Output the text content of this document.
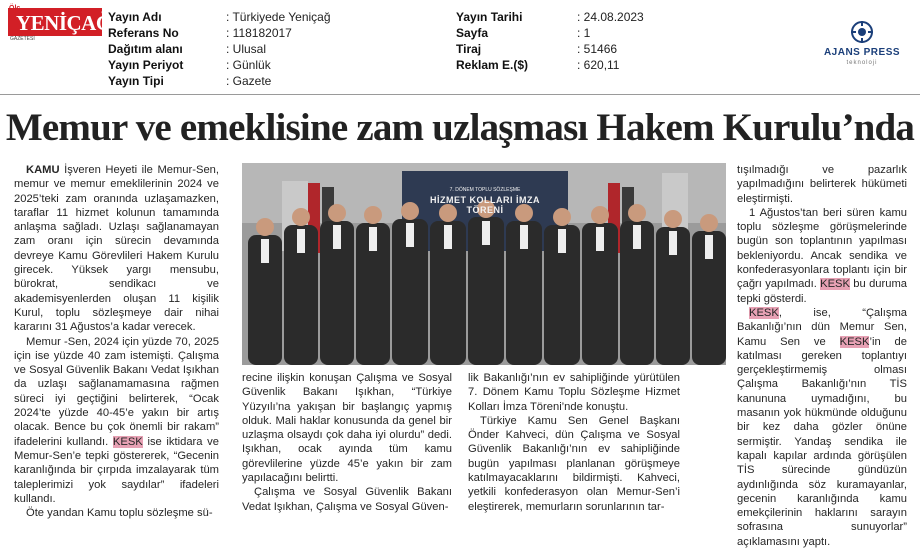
Ölç
YENİÇAĞ
GAZETESİ
Yayın Adı	: Türkiyede Yeniçağ
Referans No	: 118182017
Dağıtım alanı	: Ulusal
Yayın Periyot	: Günlük
Yayın Tipi	: Gazete
Yayın Tarihi	: 24.08.2023
Sayfa	: 1
Tiraj	: 51466
Reklam E.($)	: 620,11
AJANS PRESS
teknoloji
Memur ve emeklisine zam uzlaşması Hakem Kurulu’nda

KAMU İşveren Heyeti ile Memur-Sen, memur ve memur emeklilerinin 2024 ve 2025’teki zam oranında uzlaşamazken, taraflar 11 hizmet kolunun tamamında anlaşma sağladı. Uzlaşı sağlanamayan zam oranı için sürecin devamında devreye Kamu Görevlileri Hakem Kurulu girecek. Yüksek yargı mensubu, bürokrat, sendikacı ve akademisyenlerden oluşan 11 kişilik Kurul, toplu sözleşmeye dair nihai kararını 31 Ağustos’a kadar verecek.

Memur -Sen, 2024 için yüzde 70, 2025 için ise yüzde 40 zam istemişti. Çalışma ve Sosyal Güvenlik Bakanı Vedat Işıkhan da uzlaşı sağlanamamasına rağmen süreci iyi geçtiğini belirterek, “Ocak 2024’te yüzde 40-45’e yakın bir artış olacak. Bence bu çok önemli bir rakam” ifadelerini kullandı. KESK ise iktidara ve Memur-Sen’e tepki göstererek, “Gecenin karanlığında bir çırpıda imzalayarak tüm taleplerimizi yok saydılar” ifadeleri kullandı.

Öte yandan Kamu toplu sözleşme sü-

7. DÖNEM TOPLU SÖZLEŞME
HİZMET KOLLARI İMZA TÖRENİ

recine ilişkin konuşan Çalışma ve Sosyal Güvenlik Bakanı Işıkhan, “Türkiye Yüzyılı’na yakışan bir başlangıç yapmış olduk. Mali haklar konusunda da genel bir uzlaşma olsaydı çok daha iyi olurdu” dedi. Işıkhan, ocak ayında tüm kamu görevlilerine yüzde 45’e yakın bir zam yapılacağını belirtti.

Çalışma ve Sosyal Güvenlik Bakanı Vedat Işıkhan, Çalışma ve Sosyal Güven-

lik Bakanlığı’nın ev sahipliğinde yürütülen 7. Dönem Kamu Toplu Sözleşme Hizmet Kolları İmza Töreni’nde konuştu.

Türkiye Kamu Sen Genel Başkanı Önder Kahveci, dün Çalışma ve Sosyal Güvenlik Bakanlığı’nın ev sahipliğinde bugün yapılması planlanan görüşmeye katılmayacaklarını bildirmişti. Kahveci, yetkili konfederasyon olan Memur-Sen’i eleştirerek, memurların sorunlarının tar-

tışılmadığı ve pazarlık yapılmadığını belirterek hükümeti eleştirmişti.

1 Ağustos’tan beri süren kamu toplu sözleşme görüşmelerinde bugün son toplantının yapılması bekleniyordu. Ancak sendika ve konfederasyonlara toplantı için bir çağrı yapılmadı. KESK bu duruma tepki gösterdi.

KESK, ise, “Çalışma Bakanlığı’nın dün Memur Sen, Kamu Sen ve KESK’in de katılması gereken toplantıyı gerçekleştirmemiş olması Çalışma Bakanlığı’nın TİS kanununa uymadığını, bu masanın yok hükmünde olduğunu bir kez daha gözler önüne sermiştir. Yandaş sendika ile kapalı kapılar ardında görüşülen TİS sürecinde gündüzün aydınlığında söz kuramayanlar, gecenin karanlığında kamu emekçilerinin haklarını sarayın sofrasına sunuyorlar” açıklamasını yaptı.
